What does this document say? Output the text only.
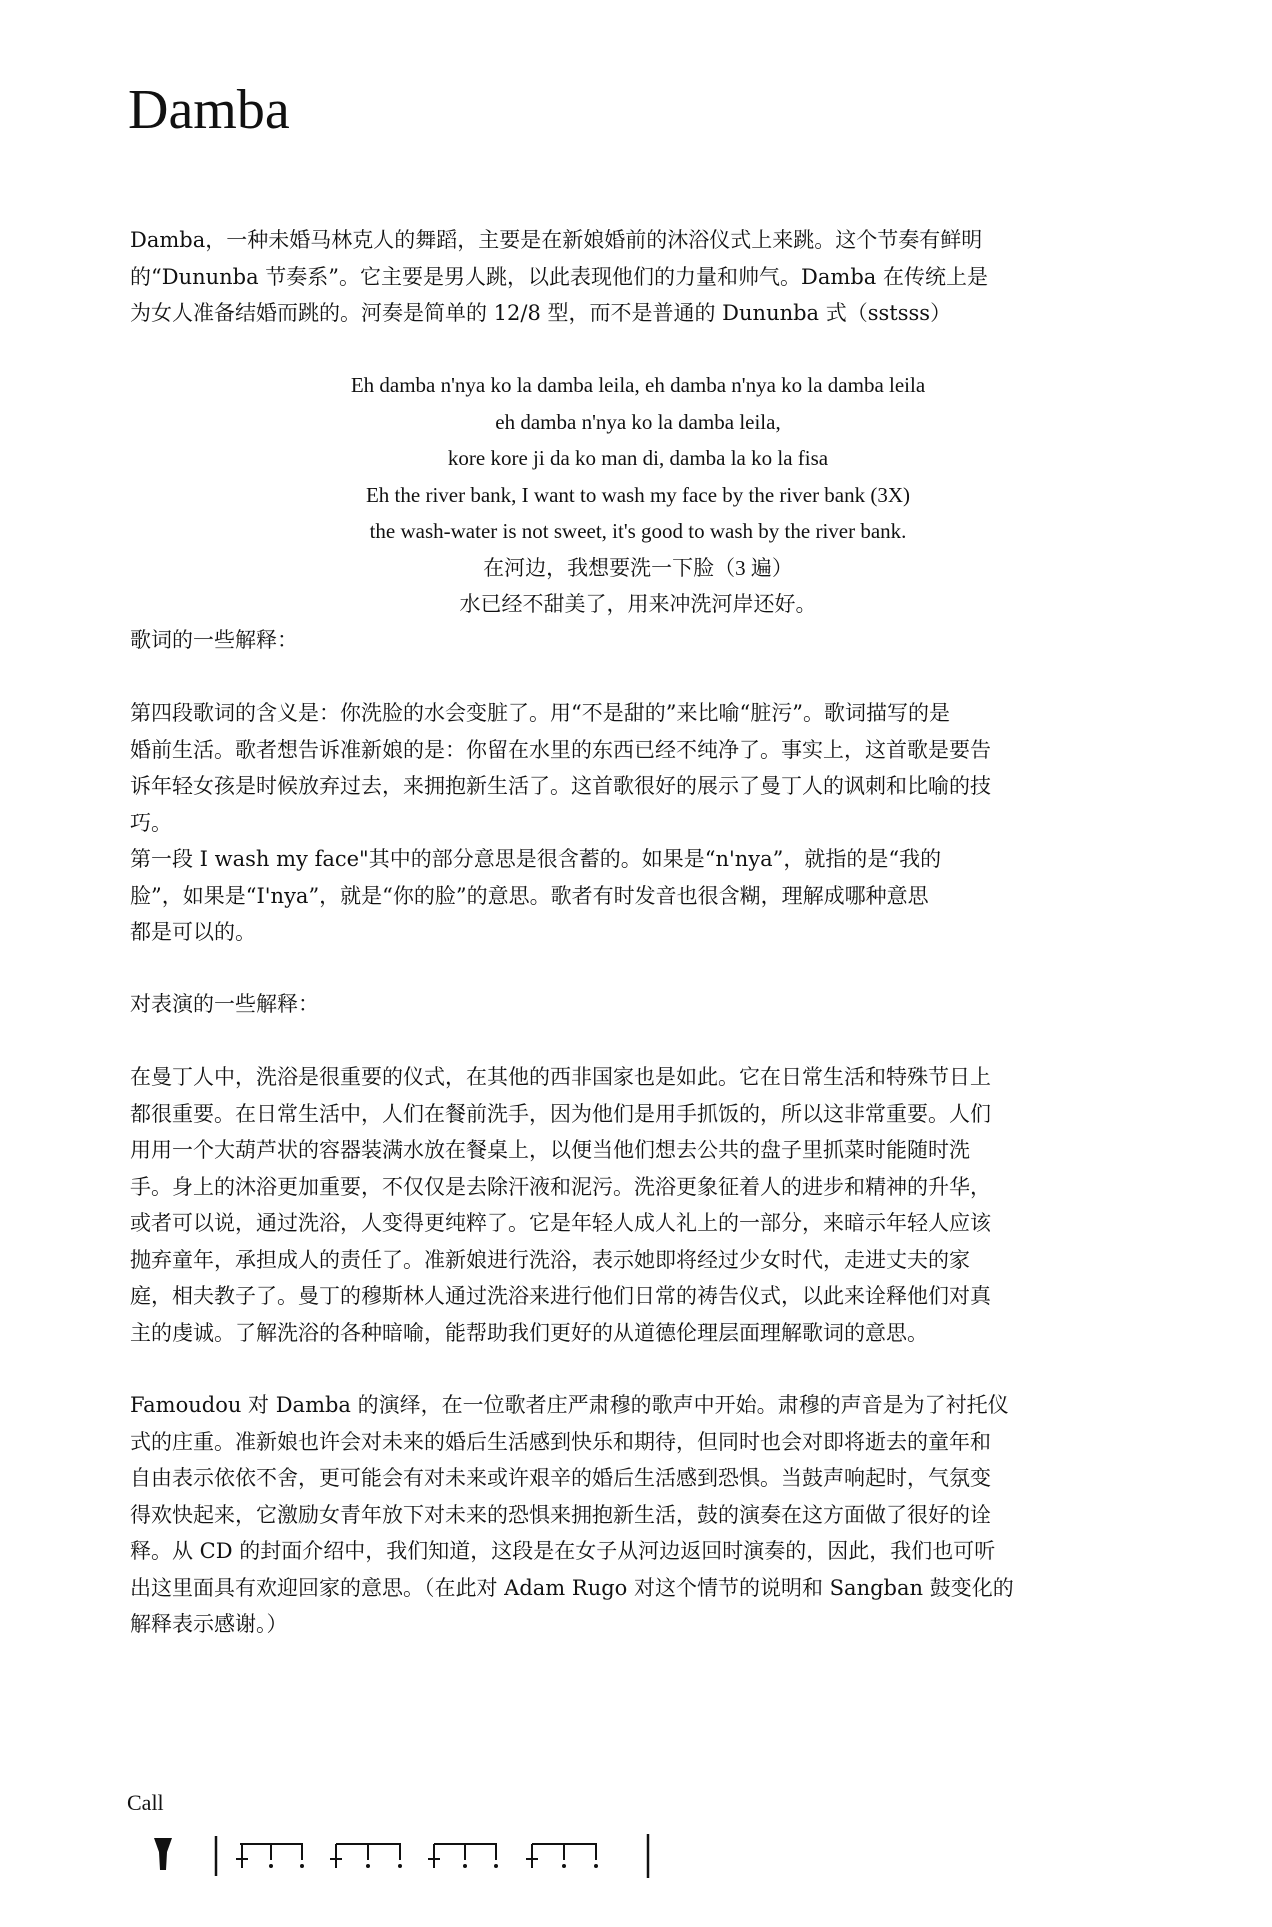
Damba
Damba，一种未婚马林克人的舞蹈，主要是在新娘婚前的沐浴仪式上来跳。这个节奏有鲜明
的“Dununba 节奏系”。它主要是男人跳，以此表现他们的力量和帅气。Damba 在传统上是
为女人准备结婚而跳的。河奏是简单的 12/8 型，而不是普通的 Dununba 式（sstsss）
Eh damba n'nya ko la damba leila, eh damba n'nya ko la damba leila
eh damba n'nya ko la damba leila,
kore kore ji da ko man di, damba la ko la fisa
Eh the river bank, I want to wash my face by the river bank (3X)
the wash-water is not sweet, it's good to wash by the river bank.
在河边，我想要洗一下脸（3 遍）
水已经不甜美了，用来冲洗河岸还好。
歌词的一些解释：
第四段歌词的含义是：你洗脸的水会变脏了。用“不是甜的”来比喻“脏污”。歌词描写的是
婚前生活。歌者想告诉准新娘的是：你留在水里的东西已经不纯净了。事实上，这首歌是要告
诉年轻女孩是时候放弃过去，来拥抱新生活了。这首歌很好的展示了曼丁人的讽刺和比喻的技
巧。
第一段 I wash my face"其中的部分意思是很含蓄的。如果是“n'nya”，就指的是“我的
脸”，如果是“I'nya”，就是“你的脸”的意思。歌者有时发音也很含糊，理解成哪种意思
都是可以的。
对表演的一些解释：
在曼丁人中，洗浴是很重要的仪式，在其他的西非国家也是如此。它在日常生活和特殊节日上
都很重要。在日常生活中，人们在餐前洗手，因为他们是用手抓饭的，所以这非常重要。人们
用用一个大葫芦状的容器装满水放在餐桌上，以便当他们想去公共的盘子里抓菜时能随时洗
手。身上的沐浴更加重要，不仅仅是去除汗液和泥污。洗浴更象征着人的进步和精神的升华，
或者可以说，通过洗浴，人变得更纯粹了。它是年轻人成人礼上的一部分，来暗示年轻人应该
抛弃童年，承担成人的责任了。准新娘进行洗浴，表示她即将经过少女时代，走进丈夫的家
庭，相夫教子了。曼丁的穆斯林人通过洗浴来进行他们日常的祷告仪式，以此来诠释他们对真
主的虔诚。了解洗浴的各种暗喻，能帮助我们更好的从道德伦理层面理解歌词的意思。
Famoudou 对 Damba 的演绎，在一位歌者庄严肃穆的歌声中开始。肃穆的声音是为了衬托仪
式的庄重。准新娘也许会对未来的婚后生活感到快乐和期待，但同时也会对即将逝去的童年和
自由表示依依不舍，更可能会有对未来或许艰辛的婚后生活感到恐惧。当鼓声响起时，气氛变
得欢快起来，它激励女青年放下对未来的恐惧来拥抱新生活，鼓的演奏在这方面做了很好的诠
释。从 CD 的封面介绍中，我们知道，这段是在女子从河边返回时演奏的，因此，我们也可听
出这里面具有欢迎回家的意思。（在此对 Adam Rugo 对这个情节的说明和 Sangban 鼓变化的
解释表示感谢。）
Call
